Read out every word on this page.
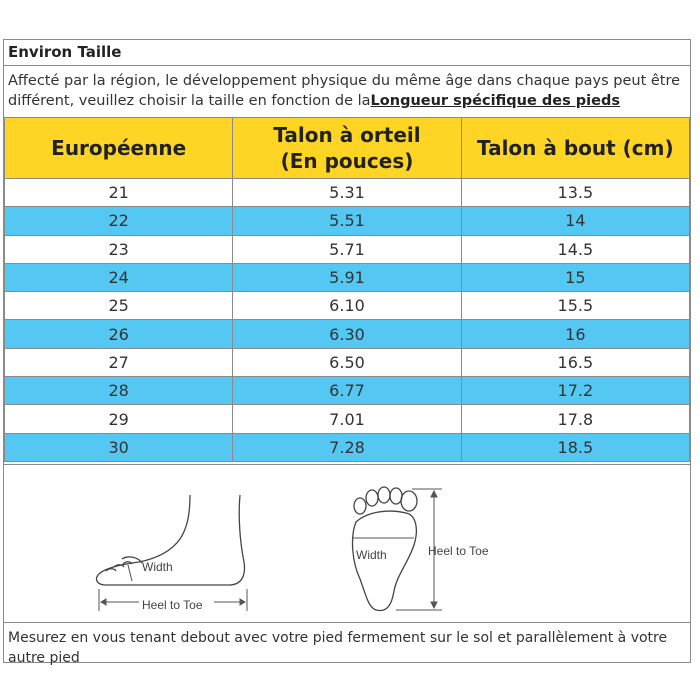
Environ Taille
Affecté par la région, le développement physique du même âge dans chaque pays peut être différent, veuillez choisir la taille en fonction de laLongueur spécifique des pieds
Européenne	Talon à orteil (En pouces)	Talon à bout (cm)
21	5.31	13.5
22	5.51	14
23	5.71	14.5
24	5.91	15
25	6.10	15.5
26	6.30	16
27	6.50	16.5
28	6.77	17.2
29	7.01	17.8
30	7.28	18.5
Heel to Toe
Width
Width	Heel to Toe
Mesurez en vous tenant debout avec votre pied fermement sur le sol et parallèlement à votre autre pied
